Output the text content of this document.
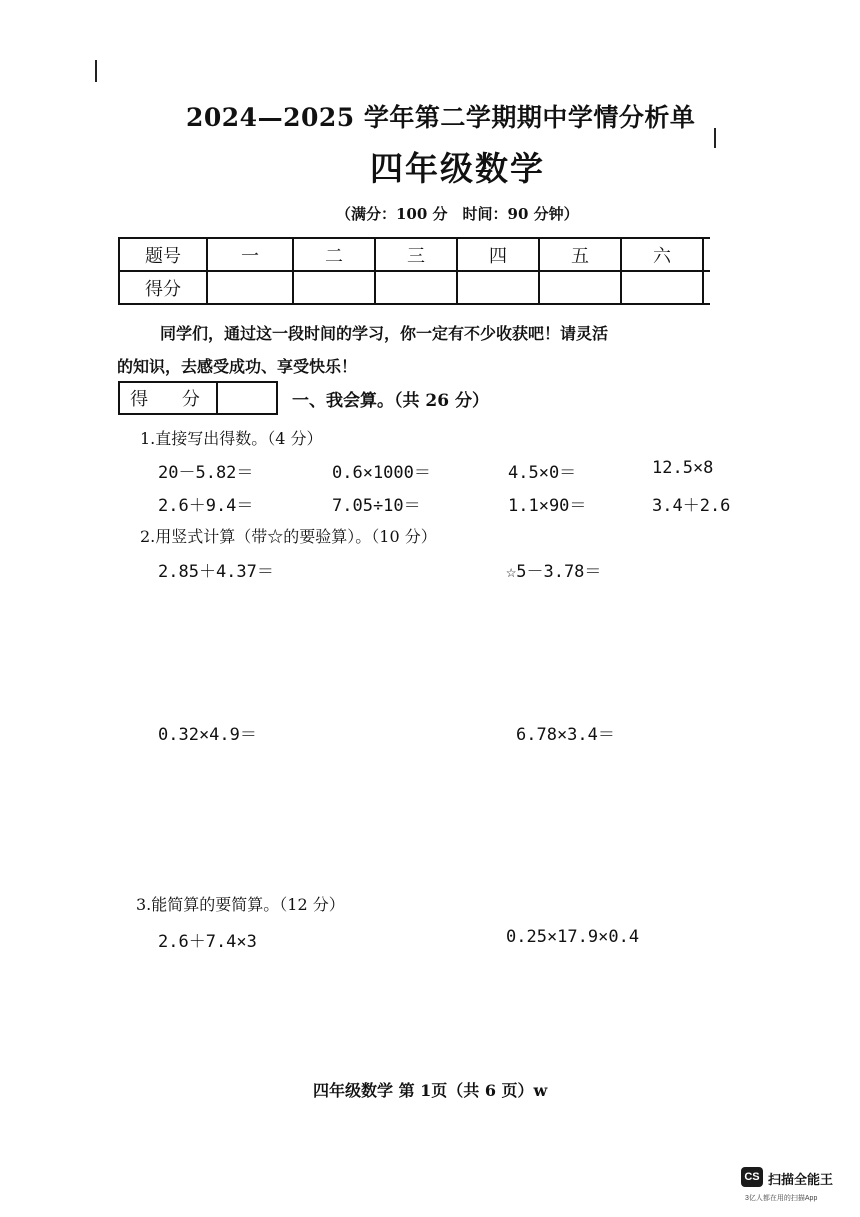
2024—2025 学年第二学期期中学情分析单
四年级数学
（满分：100 分　时间：90 分钟）
题号	一	二	三	四	五	六	
得分							
同学们，通过这一段时间的学习，你一定有不少收获吧！请灵活
的知识，去感受成功、享受快乐！
得 分	一、我会算。（共 26 分）
1.直接写出得数。（4 分）
20－5.82＝	0.6×1000＝	4.5×0＝	12.5×8
2.6＋9.4＝	7.05÷10＝	1.1×90＝	3.4＋2.6
2.用竖式计算（带☆的要验算）。（10 分）
2.85＋4.37＝	☆5－3.78＝
0.32×4.9＝	6.78×3.4＝
3.能简算的要简算。（12 分）
2.6＋7.4×3	0.25×17.9×0.4
四年级数学 第 1页（共 6 页）w
CS 扫描全能王
3亿人都在用的扫描App
